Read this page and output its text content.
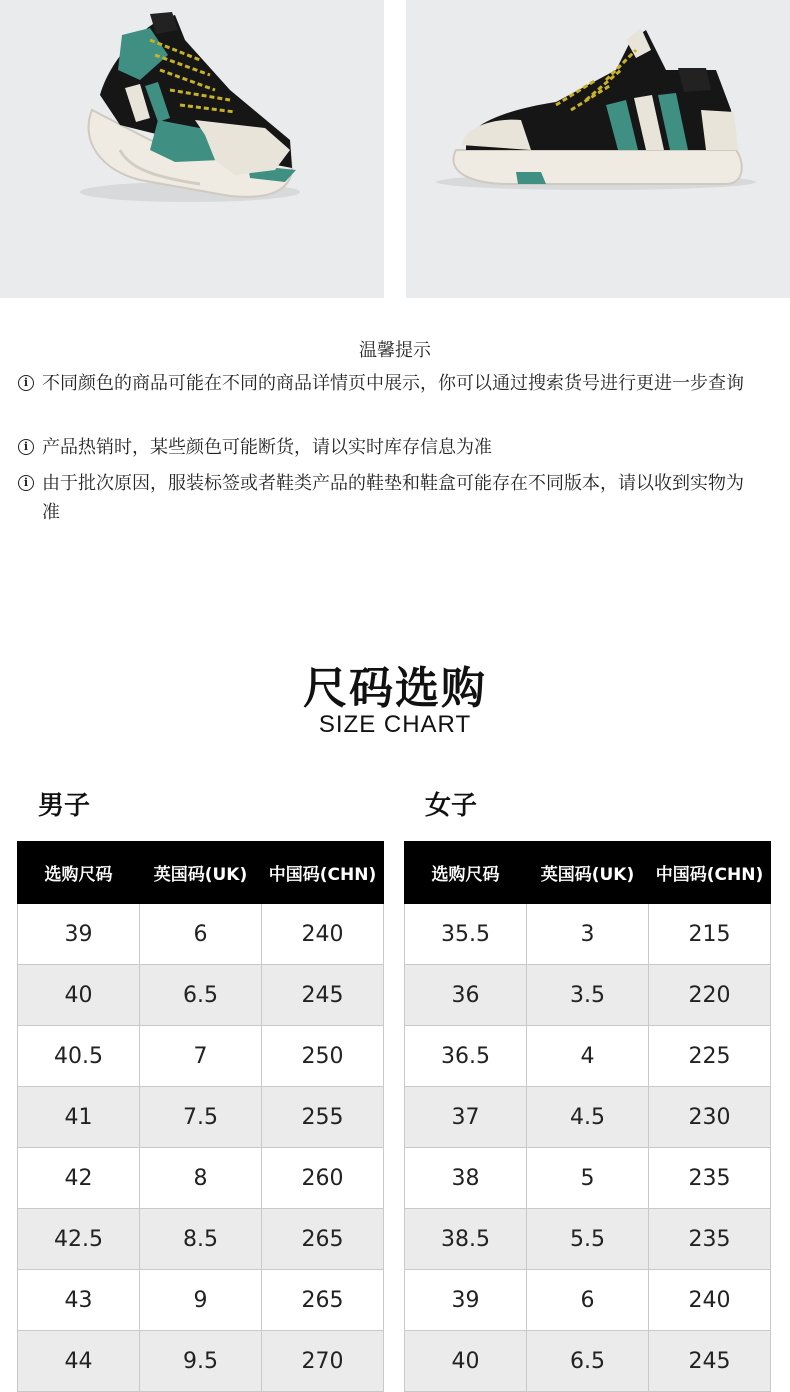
温馨提示
i 不同颜色的商品可能在不同的商品详情页中展示，你可以通过搜索货号进行更进一步查询
i 产品热销时，某些颜色可能断货，请以实时库存信息为准
i 由于批次原因，服装标签或者鞋类产品的鞋垫和鞋盒可能存在不同版本，请以收到实物为准
尺码选购
SIZE CHART
男子	女子
选购尺码	英国码(UK)	中国码(CHN)
39	6	240
40	6.5	245
40.5	7	250
41	7.5	255
42	8	260
42.5	8.5	265
43	9	265
44	9.5	270
选购尺码	英国码(UK)	中国码(CHN)
35.5	3	215
36	3.5	220
36.5	4	225
37	4.5	230
38	5	235
38.5	5.5	235
39	6	240
40	6.5	245
